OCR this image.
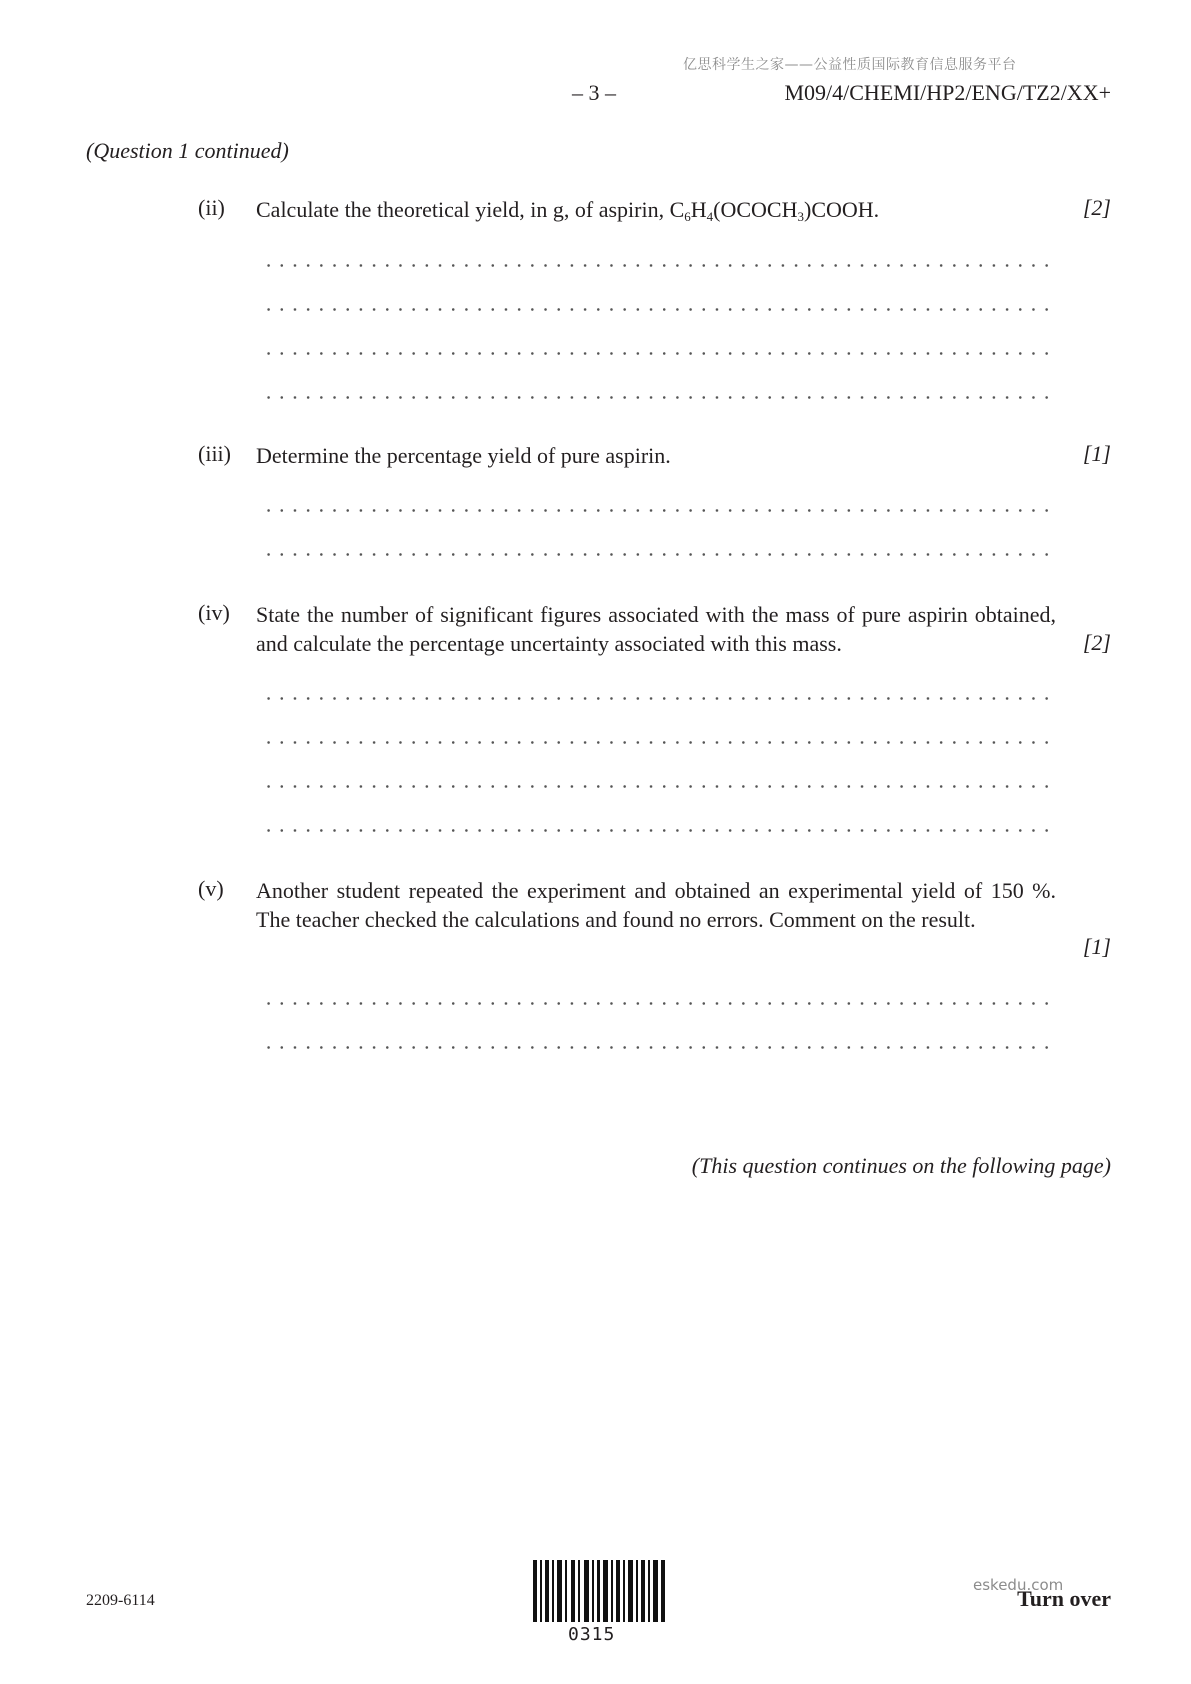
亿思科学生之家——公益性质国际教育信息服务平台
– 3 –	M09/4/CHEMI/HP2/ENG/TZ2/XX+
(Question 1 continued)
(ii) Calculate the theoretical yield, in g, of aspirin, $C_6H_4(OCOCH_3)COOH$.	[2]
(iii) Determine the percentage yield of pure aspirin.	[1]
(iv) State the number of significant figures associated with the mass of pure aspirin obtained, and calculate the percentage uncertainty associated with this mass.	[2]
(v) Another student repeated the experiment and obtained an experimental yield of 150 %. The teacher checked the calculations and found no errors. Comment on the result.
[1]
(This question continues on the following page)
2209-6114
0315
eskedu.com
Turn over
